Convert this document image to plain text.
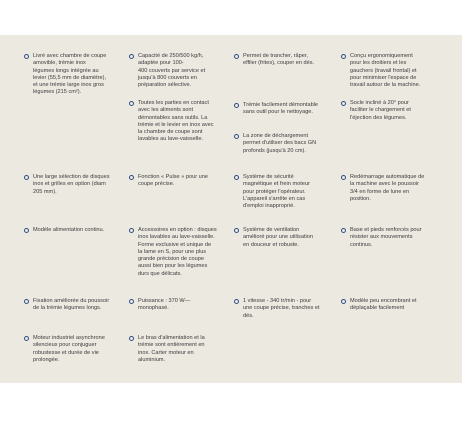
Livré avec chambre de coupe
amovible, trémie inox
légumes longs intégrée au
levier (55,5 mm de diamètre),
et une trémie large inox gros
légumes (215 cm²).
Capacité de 250/500 kg/h,
adaptée pour 100-
400 couverts par service et
jusqu'à 800 couverts en
préparation sélective.
Toutes les parties en contact
avec les aliments sont
démontables sans outils. La
trémie et le levier en inox avec
la chambre de coupe sont
lavables au lave-vaisselle.
Permet de trancher, râper,
effiler (frites), couper en dés.
Trémie facilement démontable
sans outil pour le nettoyage.
La zone de déchargement
permet d'utiliser des bacs GN
profonds (jusqu'à 20 cm).
Conçu ergonomiquement
pour les droitiers et les
gauchers (travail frontal) et
pour minimiser l'espace de
travail autour de la machine.
Socle incliné à 20° pour
faciliter le chargement et
l'éjection des légumes.
Une large sélection de disques
inox et grilles en option (diam
205 mm).
Fonction « Pulse » pour une
coupe précise.
Système de sécurité
magnétique et frein moteur
pour protéger l'opérateur.
L'appareil s'arrête en cas
d'emploi inapproprié.
Redémarrage automatique de
la machine avec le poussoir
3/4 en forme de lune en
position.
Modèle alimentation continu.	Accessoires en option : disques
inox lavables au lave-vaisselle.
Forme exclusive et unique de
la lame en S, pour une plus
grande précision de coupe
aussi bien pour les légumes
durs que délicats.
Système de ventilation
amélioré pour une utilisation
en douceur et robuste.
Base et pieds renforcés pour
résister aux mouvements
continus.
Fixation améliorée du poussoir
de la trémie légumes longs.
Puissance : 370 W—
monophasé.
1 vitesse - 340 tr/min - pour
une coupe précise, tranches et
dés.
Modèle peu encombrant et
déplaçable facilement
Moteur industriel asynchrone
silencieux pour conjuguer
robustesse et durée de vie
prolongée.
Le bras d'alimentation et la
trémie sont entièrement en
inox. Carter moteur en
aluminium.
